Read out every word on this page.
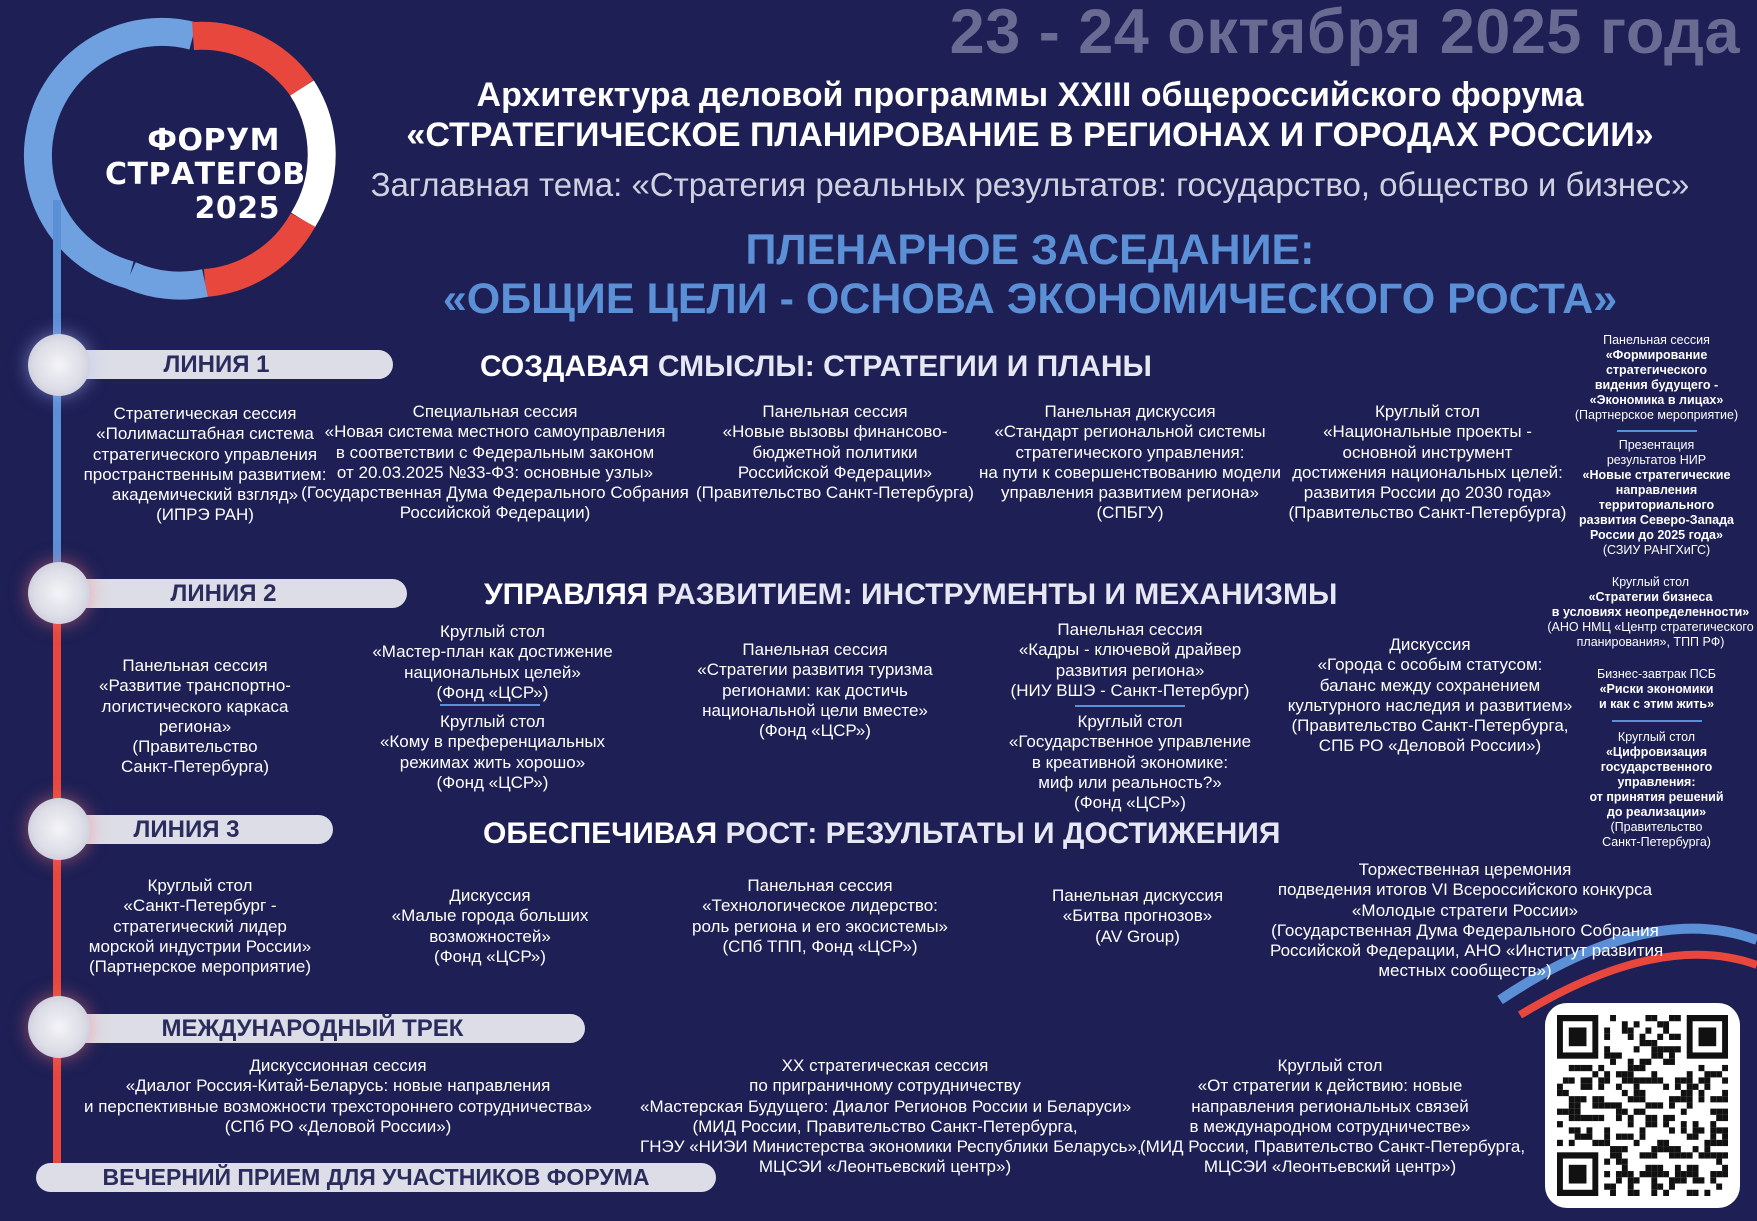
ФОРУМ
СТРАТЕГОВ
2025
23 - 24 октября 2025 года
Архитектура деловой программы XXIII общероссийского форума
«СТРАТЕГИЧЕСКОЕ ПЛАНИРОВАНИЕ В РЕГИОНАХ И ГОРОДАХ РОССИИ»
Заглавная тема: «Стратегия реальных результатов: государство, общество и бизнес»
ПЛЕНАРНОЕ ЗАСЕДАНИЕ:
«ОБЩИЕ ЦЕЛИ - ОСНОВА ЭКОНОМИЧЕСКОГО РОСТА»
ЛИНИЯ 1	СОЗДАВАЯ СМЫСЛЫ: СТРАТЕГИИ И ПЛАНЫ
Стратегическая сессия
«Полимасштабная система
стратегического управления
пространственным развитием:
академический взгляд»
(ИПРЭ РАН)
Специальная сессия
«Новая система местного самоуправления
в соответствии с Федеральным законом
от 20.03.2025 №33-ФЗ: основные узлы»
(Государственная Дума Федерального Собрания
Российской Федерации)
Панельная сессия
«Новые вызовы финансово-
бюджетной политики
Российской Федерации»
(Правительство Санкт-Петербурга)
Панельная дискуссия
«Стандарт региональной системы
стратегического управления:
на пути к совершенствованию модели
управления развитием региона»
(СПБГУ)
Круглый стол
«Национальные проекты -
основной инструмент
достижения национальных целей:
развития России до 2030 года»
(Правительство Санкт-Петербурга)
ЛИНИЯ 2	УПРАВЛЯЯ РАЗВИТИЕМ: ИНСТРУМЕНТЫ И МЕХАНИЗМЫ
Панельная сессия
«Развитие транспортно-
логистического каркаса
региона»
(Правительство
Санкт-Петербурга)
Круглый стол
«Мастер-план как достижение
национальных целей»
(Фонд «ЦСР»)
Круглый стол
«Кому в преференциальных
режимах жить хорошо»
(Фонд «ЦСР»)
Панельная сессия
«Стратегии развития туризма
регионами: как достичь
национальной цели вместе»
(Фонд «ЦСР»)
Панельная сессия
«Кадры - ключевой драйвер
развития региона»
(НИУ ВШЭ - Санкт-Петербург)
Круглый стол
«Государственное управление
в креативной экономике:
миф или реальность?»
(Фонд «ЦСР»)
Дискуссия
«Города с особым статусом:
баланс между сохранением
культурного наследия и развитием»
(Правительство Санкт-Петербурга,
СПБ РО «Деловой России»)
ЛИНИЯ 3	ОБЕСПЕЧИВАЯ РОСТ: РЕЗУЛЬТАТЫ И ДОСТИЖЕНИЯ
Круглый стол
«Санкт-Петербург -
стратегический лидер
морской индустрии России»
(Партнерское мероприятие)
Дискуссия
«Малые города больших
возможностей»
(Фонд «ЦСР»)
Панельная сессия
«Технологическое лидерство:
роль региона и его экосистемы»
(СПб ТПП, Фонд «ЦСР»)
Панельная дискуссия
«Битва прогнозов»
(AV Group)
Торжественная церемония
подведения итогов VI Всероссийского конкурса
«Молодые стратеги России»
(Государственная Дума Федерального Собрания
Российской Федерации, АНО «Институт развития
местных сообществ»)
МЕЖДУНАРОДНЫЙ ТРЕК
Дискуссионная сессия
«Диалог Россия-Китай-Беларусь: новые направления
и перспективные возможности трехстороннего сотрудничества»
(СПб РО «Деловой России»)
XX стратегическая сессия
по приграничному сотрудничеству
«Мастерская Будущего: Диалог Регионов России и Беларуси»
(МИД России, Правительство Санкт-Петербурга,
ГНЭУ «НИЭИ Министерства экономики Республики Беларусь»,
МЦСЭИ «Леонтьевский центр»)
Круглый стол
«От стратегии к действию: новые
направления региональных связей
в международном сотрудничестве»
(МИД России, Правительство Санкт-Петербурга,
МЦСЭИ «Леонтьевский центр»)
ВЕЧЕРНИЙ ПРИЕМ ДЛЯ УЧАСТНИКОВ ФОРУМА
Панельная сессия
«Формирование
стратегического
видения будущего -
«Экономика в лицах»
(Партнерское мероприятие)
Презентация
результатов НИР
«Новые стратегические
направления
территориального
развития Северо-Запада
России до 2025 года»
(СЗИУ РАНГХиГС)
Круглый стол
«Стратегии бизнеса
в условиях неопределенности»
(АНО НМЦ «Центр стратегического
планирования», ТПП РФ)
Бизнес-завтрак ПСБ
«Риски экономики
и как с этим жить»
Круглый стол
«Цифровизация
государственного
управления:
от принятия решений
до реализации»
(Правительство
Санкт-Петербурга)
